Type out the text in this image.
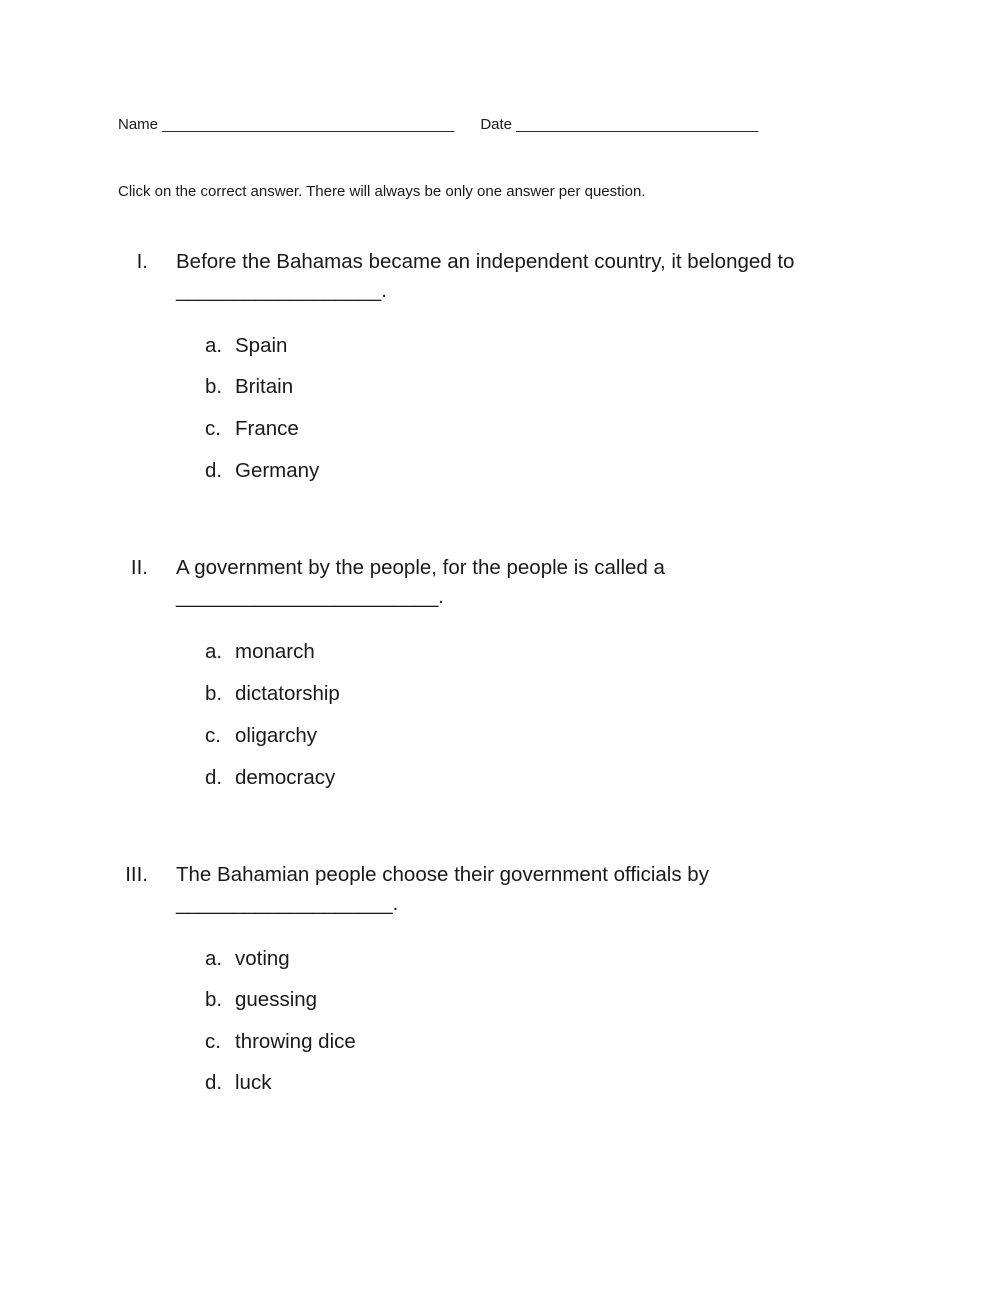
Name ___________________________________ Date _____________________________
Click on the correct answer. There will always be only one answer per question.
I. Before the Bahamas became an independent country, it belonged to
__________________.
a. Spain
b. Britain
c. France
d. Germany
II. A government by the people, for the people is called a
_______________________.
a. monarch
b. dictatorship
c. oligarchy
d. democracy
III. The Bahamian people choose their government officials by
___________________.
a. voting
b. guessing
c. throwing dice
d. luck
